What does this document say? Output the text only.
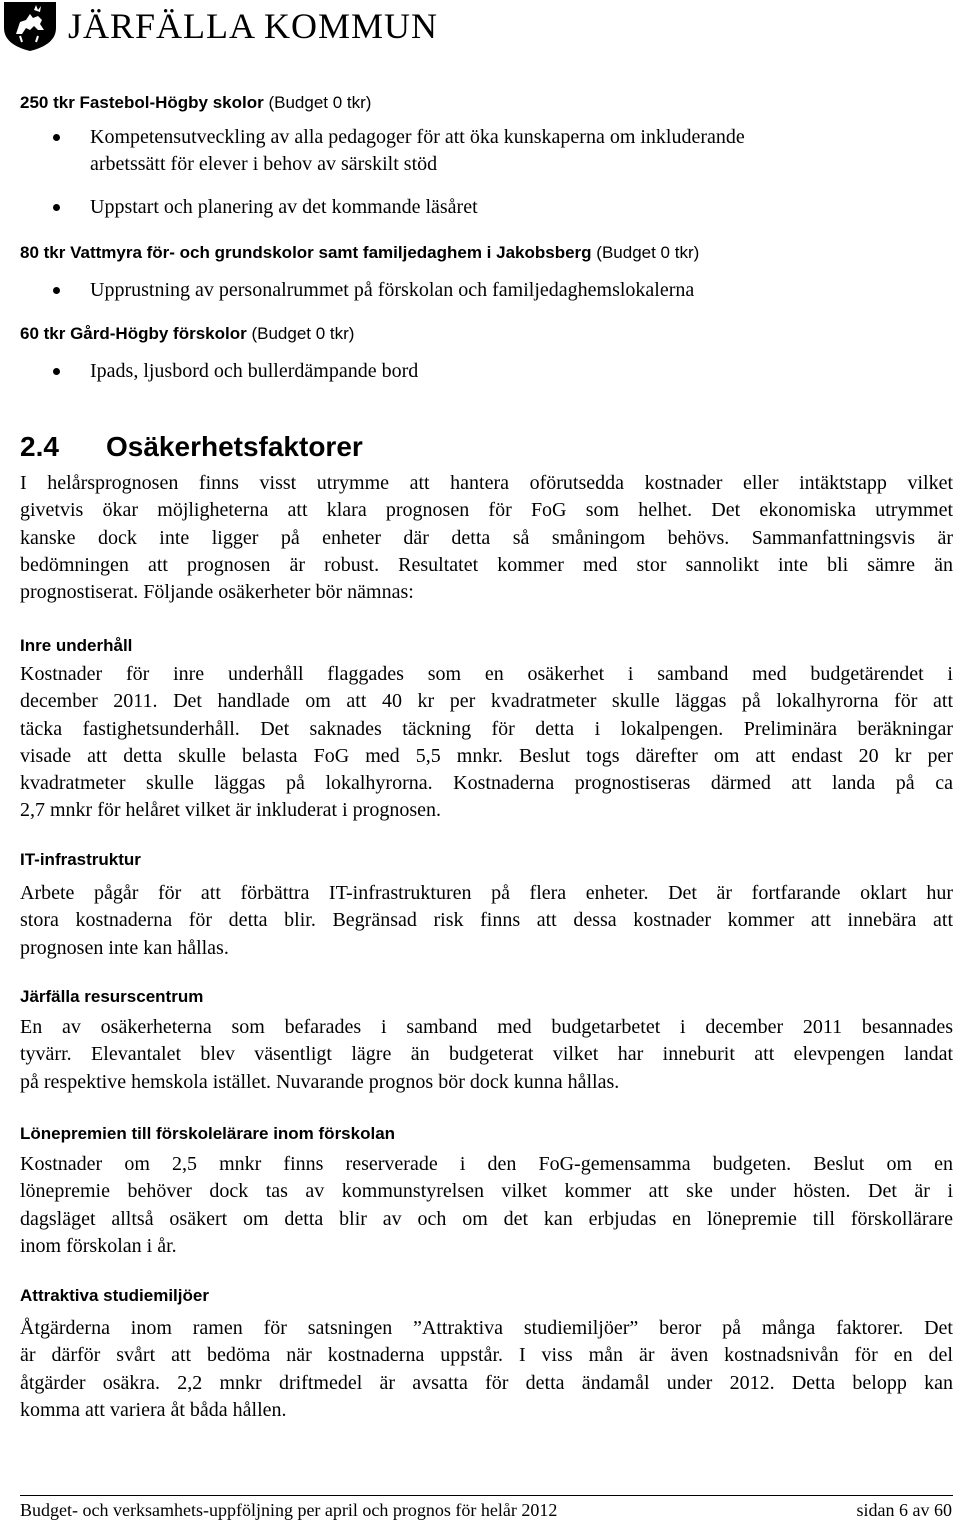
JÄRFÄLLA KOMMUN
250 tkr Fastebol-Högby skolor (Budget 0 tkr)
Kompetensutveckling av alla pedagoger för att öka kunskaperna om inkluderande
arbetssätt för elever i behov av särskilt stöd
Uppstart och planering av det kommande läsåret
80 tkr Vattmyra för- och grundskolor samt familjedaghem i Jakobsberg (Budget 0 tkr)
Upprustning av personalrummet på förskolan och familjedaghemslokalerna
60 tkr Gård-Högby förskolor (Budget 0 tkr)
Ipads, ljusbord och bullerdämpande bord
2.4 Osäkerhetsfaktorer
I helårsprognosen finns visst utrymme att hantera oförutsedda kostnader eller intäktstapp vilket
givetvis ökar möjligheterna att klara prognosen för FoG som helhet. Det ekonomiska utrymmet
kanske dock inte ligger på enheter där detta så småningom behövs. Sammanfattningsvis är
bedömningen att prognosen är robust. Resultatet kommer med stor sannolikt inte bli sämre än
prognostiserat. Följande osäkerheter bör nämnas:
Inre underhåll
Kostnader för inre underhåll flaggades som en osäkerhet i samband med budgetärendet i
december 2011. Det handlade om att 40 kr per kvadratmeter skulle läggas på lokalhyrorna för att
täcka fastighetsunderhåll. Det saknades täckning för detta i lokalpengen. Preliminära beräkningar
visade att detta skulle belasta FoG med 5,5 mnkr. Beslut togs därefter om att endast 20 kr per
kvadratmeter skulle läggas på lokalhyrorna. Kostnaderna prognostiseras därmed att landa på ca
2,7 mnkr för helåret vilket är inkluderat i prognosen.
IT-infrastruktur
Arbete pågår för att förbättra IT-infrastrukturen på flera enheter. Det är fortfarande oklart hur
stora kostnaderna för detta blir. Begränsad risk finns att dessa kostnader kommer att innebära att
prognosen inte kan hållas.
Järfälla resurscentrum
En av osäkerheterna som befarades i samband med budgetarbetet i december 2011 besannades
tyvärr. Elevantalet blev väsentligt lägre än budgeterat vilket har inneburit att elevpengen landat
på respektive hemskola istället. Nuvarande prognos bör dock kunna hållas.
Lönepremien till förskolelärare inom förskolan
Kostnader om 2,5 mnkr finns reserverade i den FoG-gemensamma budgeten. Beslut om en
lönepremie behöver dock tas av kommunstyrelsen vilket kommer att ske under hösten. Det är i
dagsläget alltså osäkert om detta blir av och om det kan erbjudas en lönepremie till förskollärare
inom förskolan i år.
Attraktiva studiemiljöer
Åtgärderna inom ramen för satsningen ”Attraktiva studiemiljöer” beror på många faktorer. Det
är därför svårt att bedöma när kostnaderna uppstår. I viss mån är även kostnadsnivån för en del
åtgärder osäkra. 2,2 mnkr driftmedel är avsatta för detta ändamål under 2012. Detta belopp kan
komma att variera åt båda hållen.
Budget- och verksamhets-uppföljning per april och prognos för helår 2012	sidan 6 av 60
